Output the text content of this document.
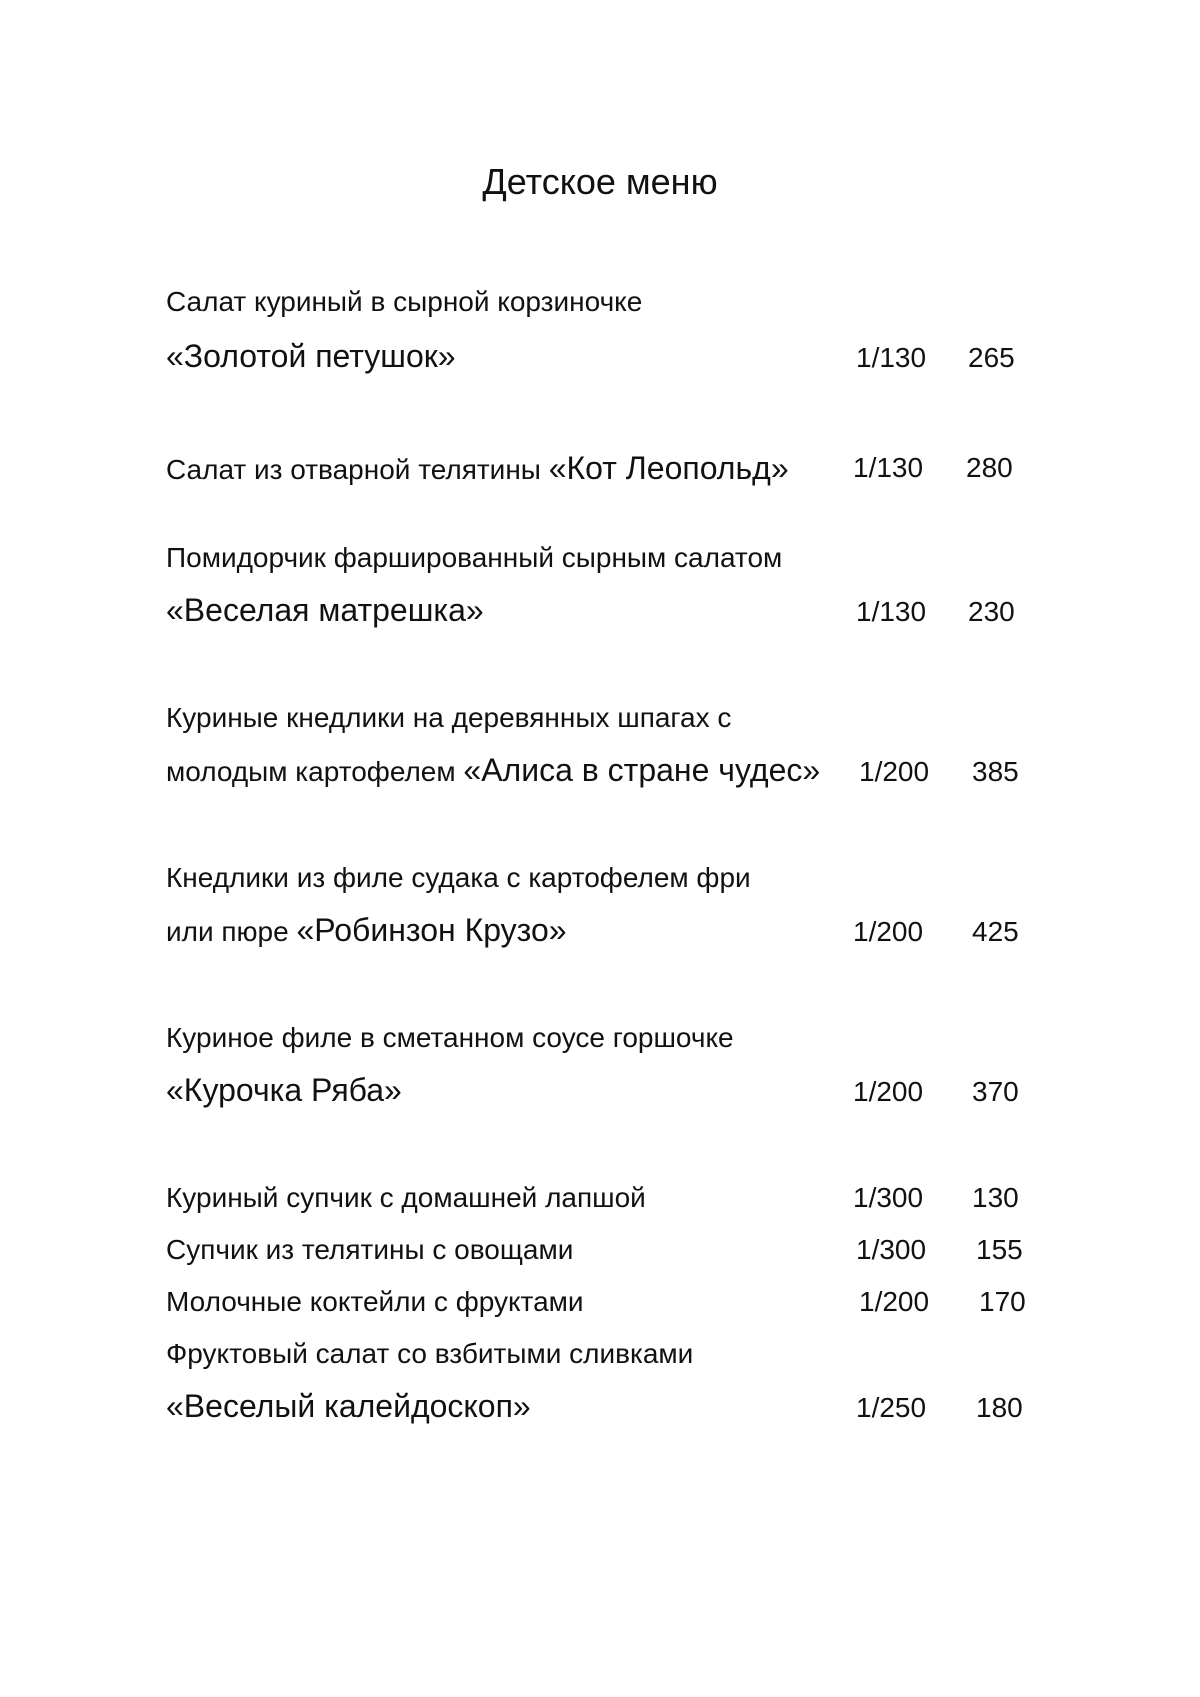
Детское меню
Салат куриный в сырной корзиночке
«Золотой петушок»	1/130	265
Салат из отварной телятины «Кот Леопольд» 1/130	280
Помидорчик фаршированный сырным салатом
«Веселая матрешка»	1/130	230
Куриные кнедлики на деревянных шпагах с
молодым картофелем «Алиса в стране чудес» 1/200	385
Кнедлики из филе судака с картофелем фри
или пюре «Робинзон Крузо»	1/200	425
Куриное филе в сметанном соусе горшочке
«Курочка Ряба»	1/200	370
Куриный супчик с домашней лапшой	1/300	130
Супчик из телятины с овощами	1/300	155
Молочные коктейли с фруктами	1/200	170
Фруктовый салат со взбитыми сливками
«Веселый калейдоскоп»	1/250	180
